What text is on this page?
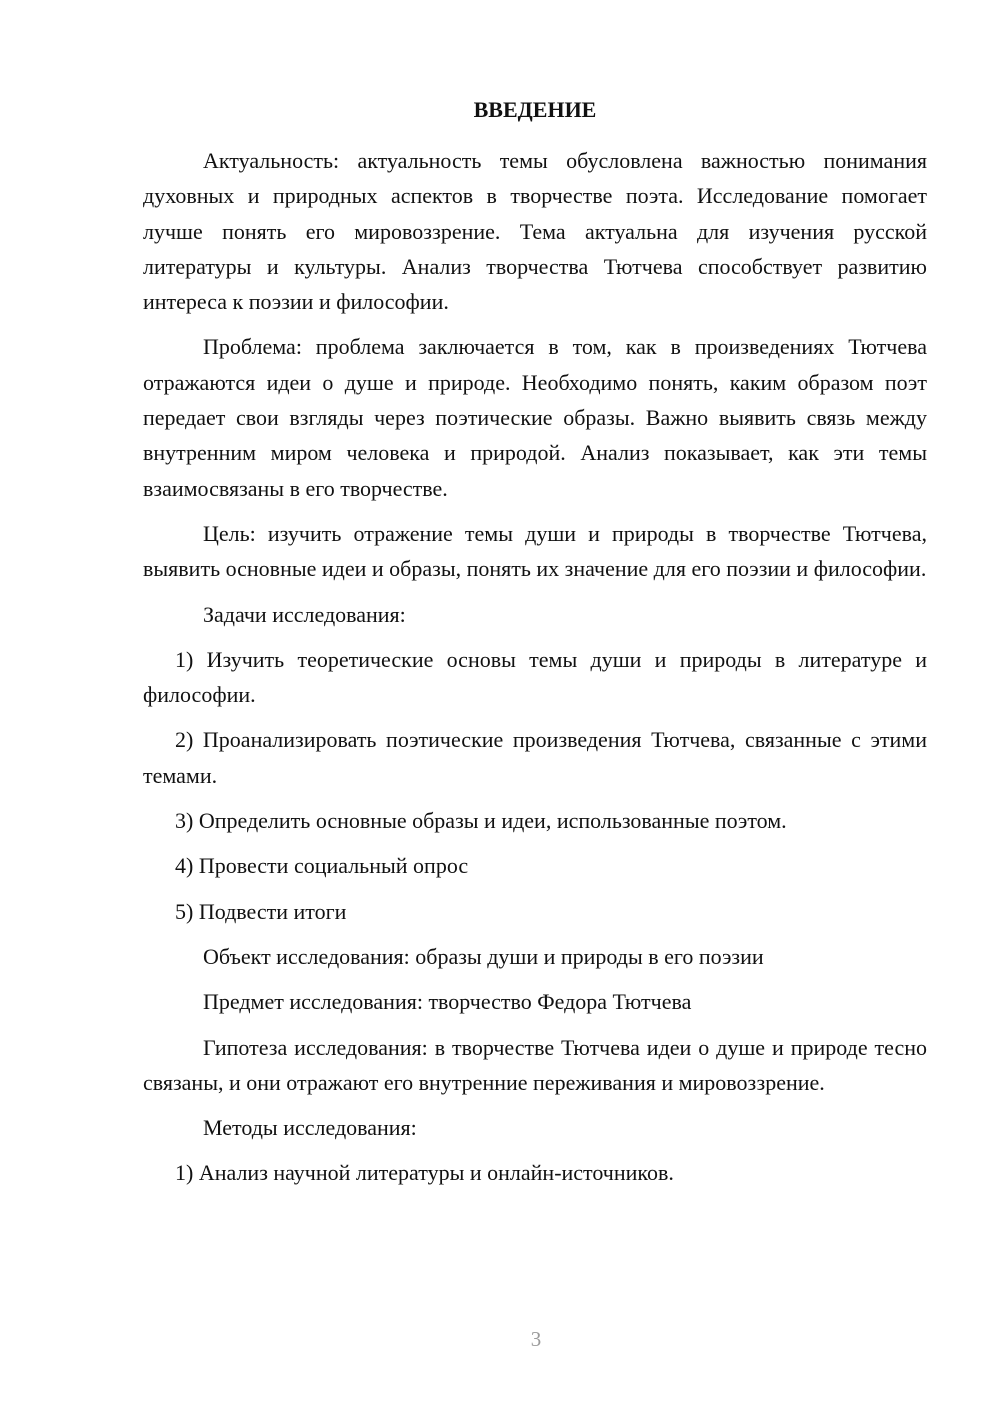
ВВЕДЕНИЕ

Актуальность: актуальность темы обусловлена важностью понимания духовных и природных аспектов в творчестве поэта. Исследование помогает лучше понять его мировоззрение. Тема актуальна для изучения русской литературы и культуры. Анализ творчества Тютчева способствует развитию интереса к поэзии и философии.

Проблема: проблема заключается в том, как в произведениях Тютчева отражаются идеи о душе и природе. Необходимо понять, каким образом поэт передает свои взгляды через поэтические образы. Важно выявить связь между внутренним миром человека и природой. Анализ показывает, как эти темы взаимосвязаны в его творчестве.

Цель: изучить отражение темы души и природы в творчестве Тютчева, выявить основные идеи и образы, понять их значение для его поэзии и философии.

Задачи исследования:

1) Изучить теоретические основы темы души и природы в литературе и философии.

2) Проанализировать поэтические произведения Тютчева, связанные с этими темами.

3) Определить основные образы и идеи, использованные поэтом.

4) Провести социальный опрос

5) Подвести итоги

Объект исследования: образы души и природы в его поэзии

Предмет исследования: творчество Федора Тютчева

Гипотеза исследования: в творчестве Тютчева идеи о душе и природе тесно связаны, и они отражают его внутренние переживания и мировоззрение.

Методы исследования:

1) Анализ научной литературы и онлайн-источников.

3
